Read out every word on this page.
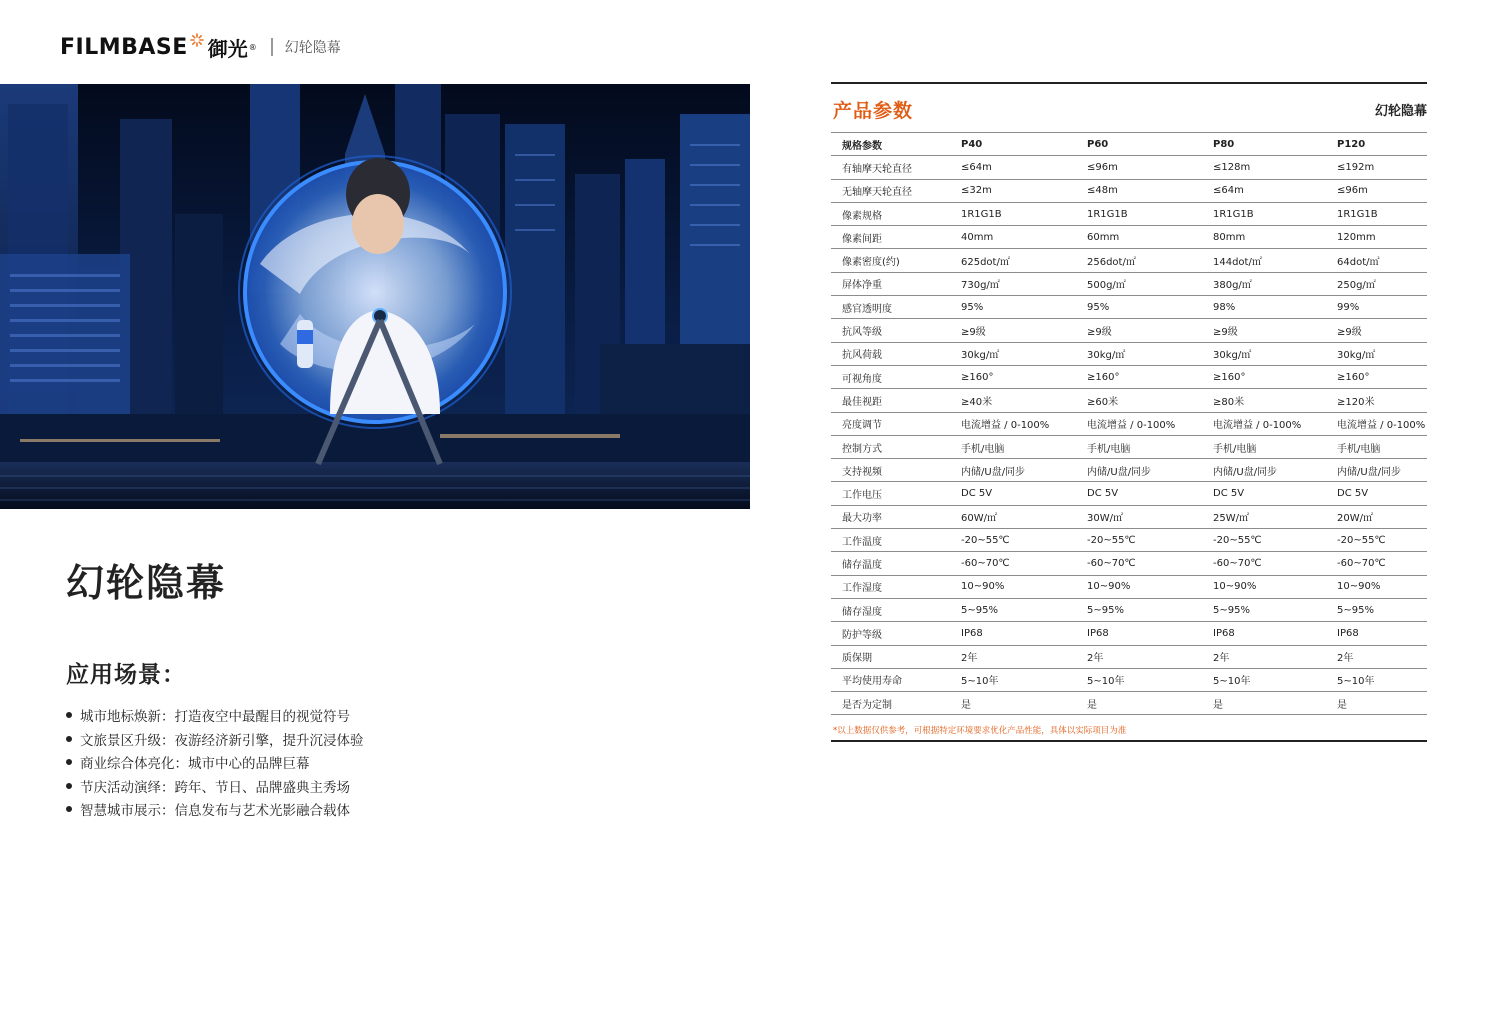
FILMBASE 御光 ® 幻轮隐幕
幻轮隐幕
应用场景：
城市地标焕新：打造夜空中最醒目的视觉符号
文旅景区升级：夜游经济新引擎，提升沉浸体验
商业综合体亮化：城市中心的品牌巨幕
节庆活动演绎：跨年、节日、品牌盛典主秀场
智慧城市展示：信息发布与艺术光影融合载体
产品参数	幻轮隐幕
规格参数	P40	P60	P80	P120
有轴摩天轮直径	≤64m	≤96m	≤128m	≤192m
无轴摩天轮直径	≤32m	≤48m	≤64m	≤96m
像素规格	1R1G1B	1R1G1B	1R1G1B	1R1G1B
像素间距	40mm	60mm	80mm	120mm
像素密度(约)	625dot/㎡	256dot/㎡	144dot/㎡	64dot/㎡
屏体净重	730g/㎡	500g/㎡	380g/㎡	250g/㎡
感官透明度	95%	95%	98%	99%
抗风等级	≥9级	≥9级	≥9级	≥9级
抗风荷载	30kg/㎡	30kg/㎡	30kg/㎡	30kg/㎡
可视角度	≥160°	≥160°	≥160°	≥160°
最佳视距	≥40米	≥60米	≥80米	≥120米
亮度调节	电流增益 / 0-100%	电流增益 / 0-100%	电流增益 / 0-100%	电流增益 / 0-100%
控制方式	手机/电脑	手机/电脑	手机/电脑	手机/电脑
支持视频	内储/U盘/同步	内储/U盘/同步	内储/U盘/同步	内储/U盘/同步
工作电压	DC 5V	DC 5V	DC 5V	DC 5V
最大功率	60W/㎡	30W/㎡	25W/㎡	20W/㎡
工作温度	-20~55℃	-20~55℃	-20~55℃	-20~55℃
储存温度	-60~70℃	-60~70℃	-60~70℃	-60~70℃
工作湿度	10~90%	10~90%	10~90%	10~90%
储存湿度	5~95%	5~95%	5~95%	5~95%
防护等级	IP68	IP68	IP68	IP68
质保期	2年	2年	2年	2年
平均使用寿命	5~10年	5~10年	5~10年	5~10年
是否为定制	是	是	是	是
*以上数据仅供参考，可根据特定环境要求优化产品性能，具体以实际项目为准
